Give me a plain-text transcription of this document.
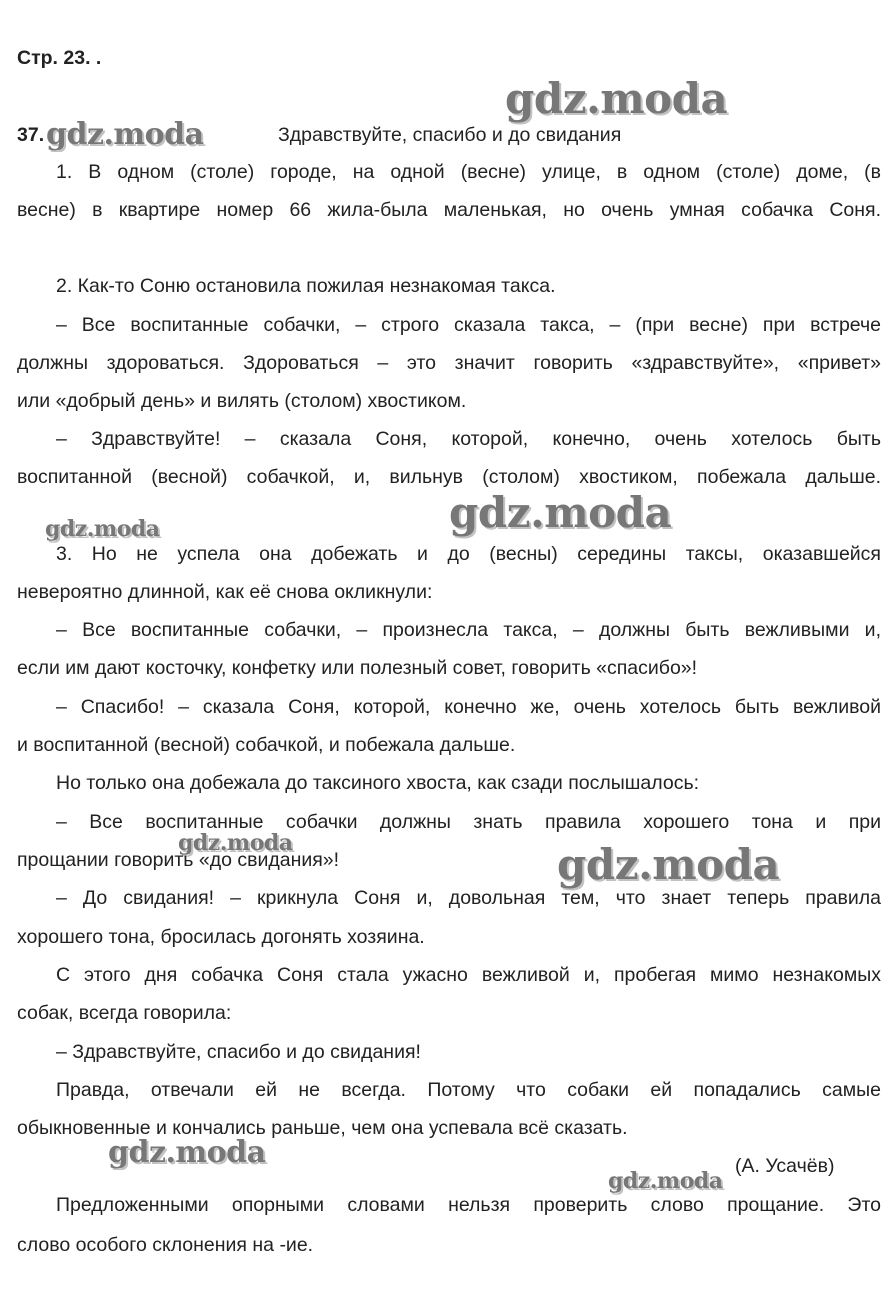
Стр. 23. .
gdz.moda
gdz.moda
gdz.moda
gdz.moda
gdz.moda	gdz.moda
gdz.moda
gdz.moda
37.	Здравствуйте, спасибо и до свидания
1. В одном (столе) городе, на одной (весне) улице, в одном (столе) доме, (в
весне) в квартире номер 66 жила-была маленькая, но очень умная собачка Соня.
2. Как-то Соню остановила пожилая незнакомая такса.
– Все воспитанные собачки, – строго сказала такса, – (при весне) при встрече
должны здороваться. Здороваться – это значит говорить «здравствуйте», «привет»
или «добрый день» и вилять (столом) хвостиком.
– Здравствуйте! – сказала Соня, которой, конечно, очень хотелось быть
воспитанной (весной) собачкой, и, вильнув (столом) хвостиком, побежала дальше.
3. Но не успела она добежать и до (весны) середины таксы, оказавшейся
невероятно длинной, как её снова окликнули:
– Все воспитанные собачки, – произнесла такса, – должны быть вежливыми и,
если им дают косточку, конфетку или полезный совет, говорить «спасибо»!
– Спасибо! – сказала Соня, которой, конечно же, очень хотелось быть вежливой
и воспитанной (весной) собачкой, и побежала дальше.
Но только она добежала до таксиного хвоста, как сзади послышалось:
– Все воспитанные собачки должны знать правила хорошего тона и при
прощании говорить «до свидания»!
– До свидания! – крикнула Соня и, довольная тем, что знает теперь правила
хорошего тона, бросилась догонять хозяина.
С этого дня собачка Соня стала ужасно вежливой и, пробегая мимо незнакомых
собак, всегда говорила:
– Здравствуйте, спасибо и до свидания!
Правда, отвечали ей не всегда. Потому что собаки ей попадались самые
обыкновенные и кончались раньше, чем она успевала всё сказать.
(А. Усачёв)
Предложенными опорными словами нельзя проверить слово прощание. Это
слово особого склонения на -ие.
